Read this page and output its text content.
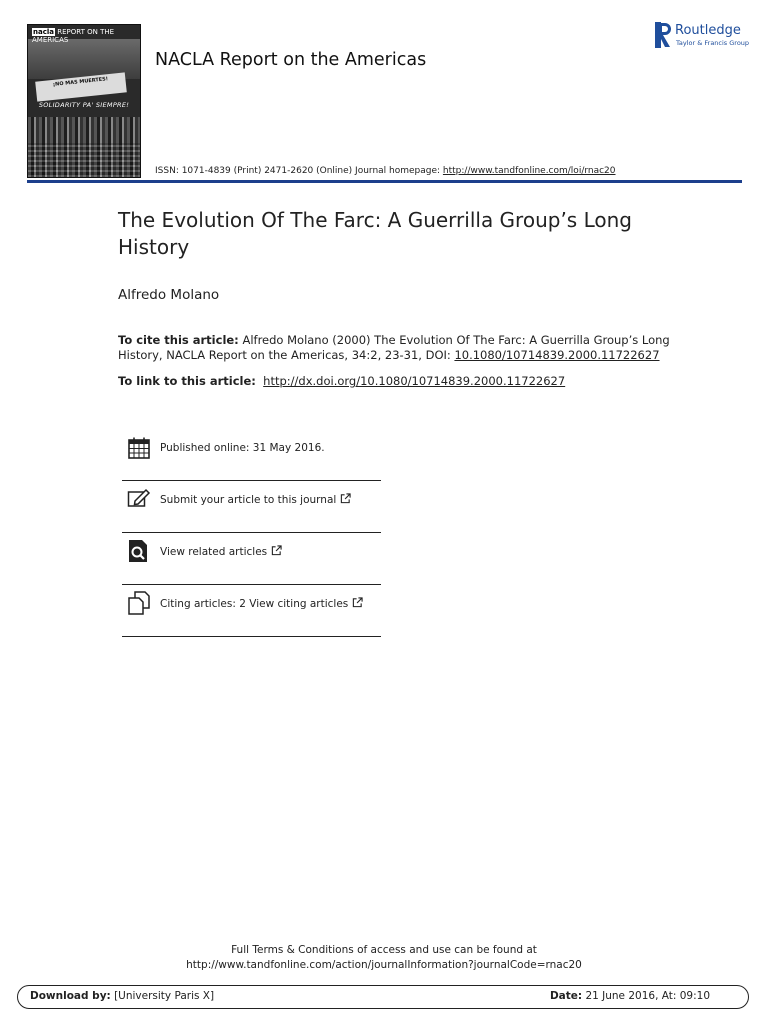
nacla REPORT ON THE AMERICAS
¡NO MAS MUERTES!
SOLIDARITY PA' SIEMPRE!
NACLA Report on the Americas
Routledge
Taylor & Francis Group
ISSN: 1071-4839 (Print) 2471-2620 (Online) Journal homepage: http://www.tandfonline.com/loi/rnac20
The Evolution Of The Farc: A Guerrilla Group’s Long History
Alfredo Molano
To cite this article: Alfredo Molano (2000) The Evolution Of The Farc: A Guerrilla Group’s Long History, NACLA Report on the Americas, 34:2, 23-31, DOI: 10.1080/10714839.2000.11722627
To link to this article: http://dx.doi.org/10.1080/10714839.2000.11722627
Published online: 31 May 2016.
Submit your article to this journal
View related articles
Citing articles: 2 View citing articles
Full Terms & Conditions of access and use can be found at
http://www.tandfonline.com/action/journalInformation?journalCode=rnac20
Download by: [University Paris X]	Date: 21 June 2016, At: 09:10
